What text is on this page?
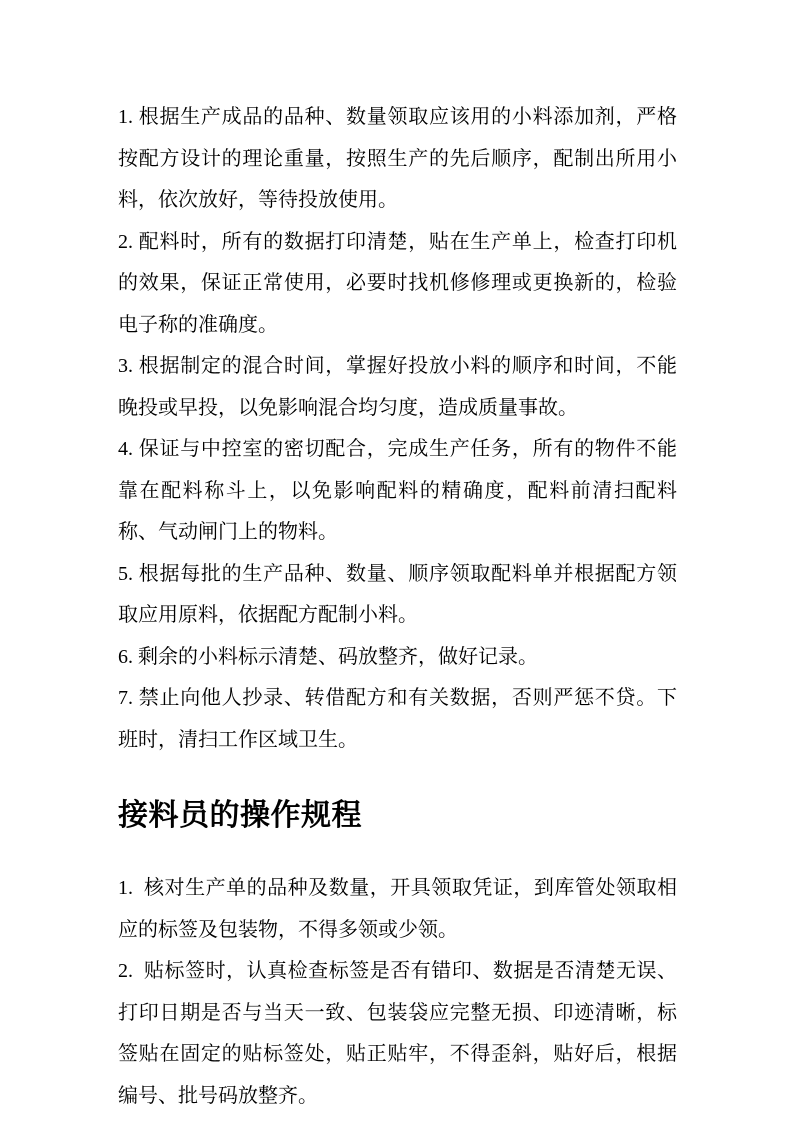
1. 根据生产成品的品种、数量领取应该用的小料添加剂，严格按配方设计的理论重量，按照生产的先后顺序，配制出所用小料，依次放好，等待投放使用。

2. 配料时，所有的数据打印清楚，贴在生产单上，检查打印机的效果，保证正常使用，必要时找机修修理或更换新的，检验电子称的准确度。

3. 根据制定的混合时间，掌握好投放小料的顺序和时间，不能晚投或早投，以免影响混合均匀度，造成质量事故。

4. 保证与中控室的密切配合，完成生产任务，所有的物件不能靠在配料称斗上，以免影响配料的精确度，配料前清扫配料称、气动闸门上的物料。

5. 根据每批的生产品种、数量、顺序领取配料单并根据配方领取应用原料，依据配方配制小料。

6. 剩余的小料标示清楚、码放整齐，做好记录。

7. 禁止向他人抄录、转借配方和有关数据，否则严惩不贷。下班时，清扫工作区域卫生。

接料员的操作规程

1.  核对生产单的品种及数量，开具领取凭证，到库管处领取相应的标签及包装物，不得多领或少领。

2.  贴标签时，认真检查标签是否有错印、数据是否清楚无误、打印日期是否与当天一致、包装袋应完整无损、印迹清晰，标签贴在固定的贴标签处，贴正贴牢，不得歪斜，贴好后，根据编号、批号码放整齐。
